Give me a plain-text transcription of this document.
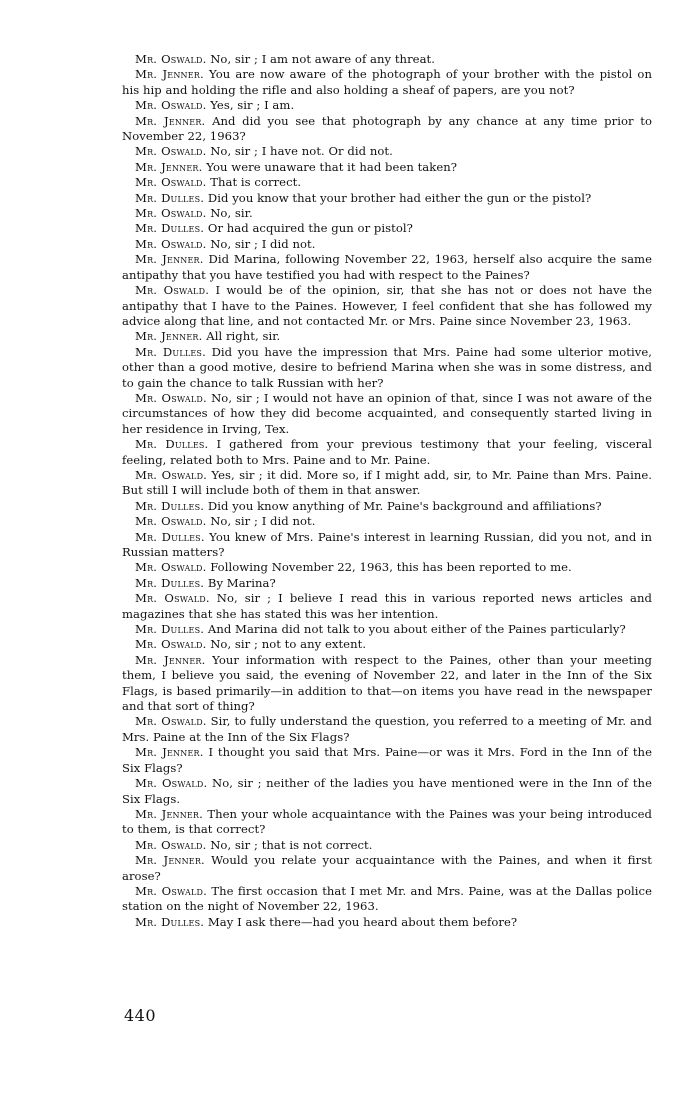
Mr. Oswald. No, sir ; I am not aware of any threat.

Mr. Jenner. You are now aware of the photograph of your brother with the pistol on his hip and holding the rifle and also holding a sheaf of papers, are you not?

Mr. Oswald. Yes, sir ; I am.

Mr. Jenner. And did you see that photograph by any chance at any time prior to November 22, 1963?

Mr. Oswald. No, sir ; I have not. Or did not.

Mr. Jenner. You were unaware that it had been taken?

Mr. Oswald. That is correct.

Mr. Dulles. Did you know that your brother had either the gun or the pistol?

Mr. Oswald. No, sir.

Mr. Dulles. Or had acquired the gun or pistol?

Mr. Oswald. No, sir ; I did not.

Mr. Jenner. Did Marina, following November 22, 1963, herself also acquire the same antipathy that you have testified you had with respect to the Paines?

Mr. Oswald. I would be of the opinion, sir, that she has not or does not have the antipathy that I have to the Paines. However, I feel confident that she has followed my advice along that line, and not contacted Mr. or Mrs. Paine since November 23, 1963.

Mr. Jenner. All right, sir.

Mr. Dulles. Did you have the impression that Mrs. Paine had some ulterior motive, other than a good motive, desire to befriend Marina when she was in some distress, and to gain the chance to talk Russian with her?

Mr. Oswald. No, sir ; I would not have an opinion of that, since I was not aware of the circumstances of how they did become acquainted, and consequently started living in her residence in Irving, Tex.

Mr. Dulles. I gathered from your previous testimony that your feeling, visceral feeling, related both to Mrs. Paine and to Mr. Paine.

Mr. Oswald. Yes, sir ; it did. More so, if I might add, sir, to Mr. Paine than Mrs. Paine. But still I will include both of them in that answer.

Mr. Dulles. Did you know anything of Mr. Paine's background and affiliations?

Mr. Oswald. No, sir ; I did not.

Mr. Dulles. You knew of Mrs. Paine's interest in learning Russian, did you not, and in Russian matters?

Mr. Oswald. Following November 22, 1963, this has been reported to me.

Mr. Dulles. By Marina?

Mr. Oswald. No, sir ; I believe I read this in various reported news articles and magazines that she has stated this was her intention.

Mr. Dulles. And Marina did not talk to you about either of the Paines particularly?

Mr. Oswald. No, sir ; not to any extent.

Mr. Jenner. Your information with respect to the Paines, other than your meeting them, I believe you said, the evening of November 22, and later in the Inn of the Six Flags, is based primarily—in addition to that—on items you have read in the newspaper and that sort of thing?

Mr. Oswald. Sir, to fully understand the question, you referred to a meeting of Mr. and Mrs. Paine at the Inn of the Six Flags?

Mr. Jenner. I thought you said that Mrs. Paine—or was it Mrs. Ford in the Inn of the Six Flags?

Mr. Oswald. No, sir ; neither of the ladies you have mentioned were in the Inn of the Six Flags.

Mr. Jenner. Then your whole acquaintance with the Paines was your being introduced to them, is that correct?

Mr. Oswald. No, sir ; that is not correct.

Mr. Jenner. Would you relate your acquaintance with the Paines, and when it first arose?

Mr. Oswald. The first occasion that I met Mr. and Mrs. Paine, was at the Dallas police station on the night of November 22, 1963.

Mr. Dulles. May I ask there—had you heard about them before?

440
